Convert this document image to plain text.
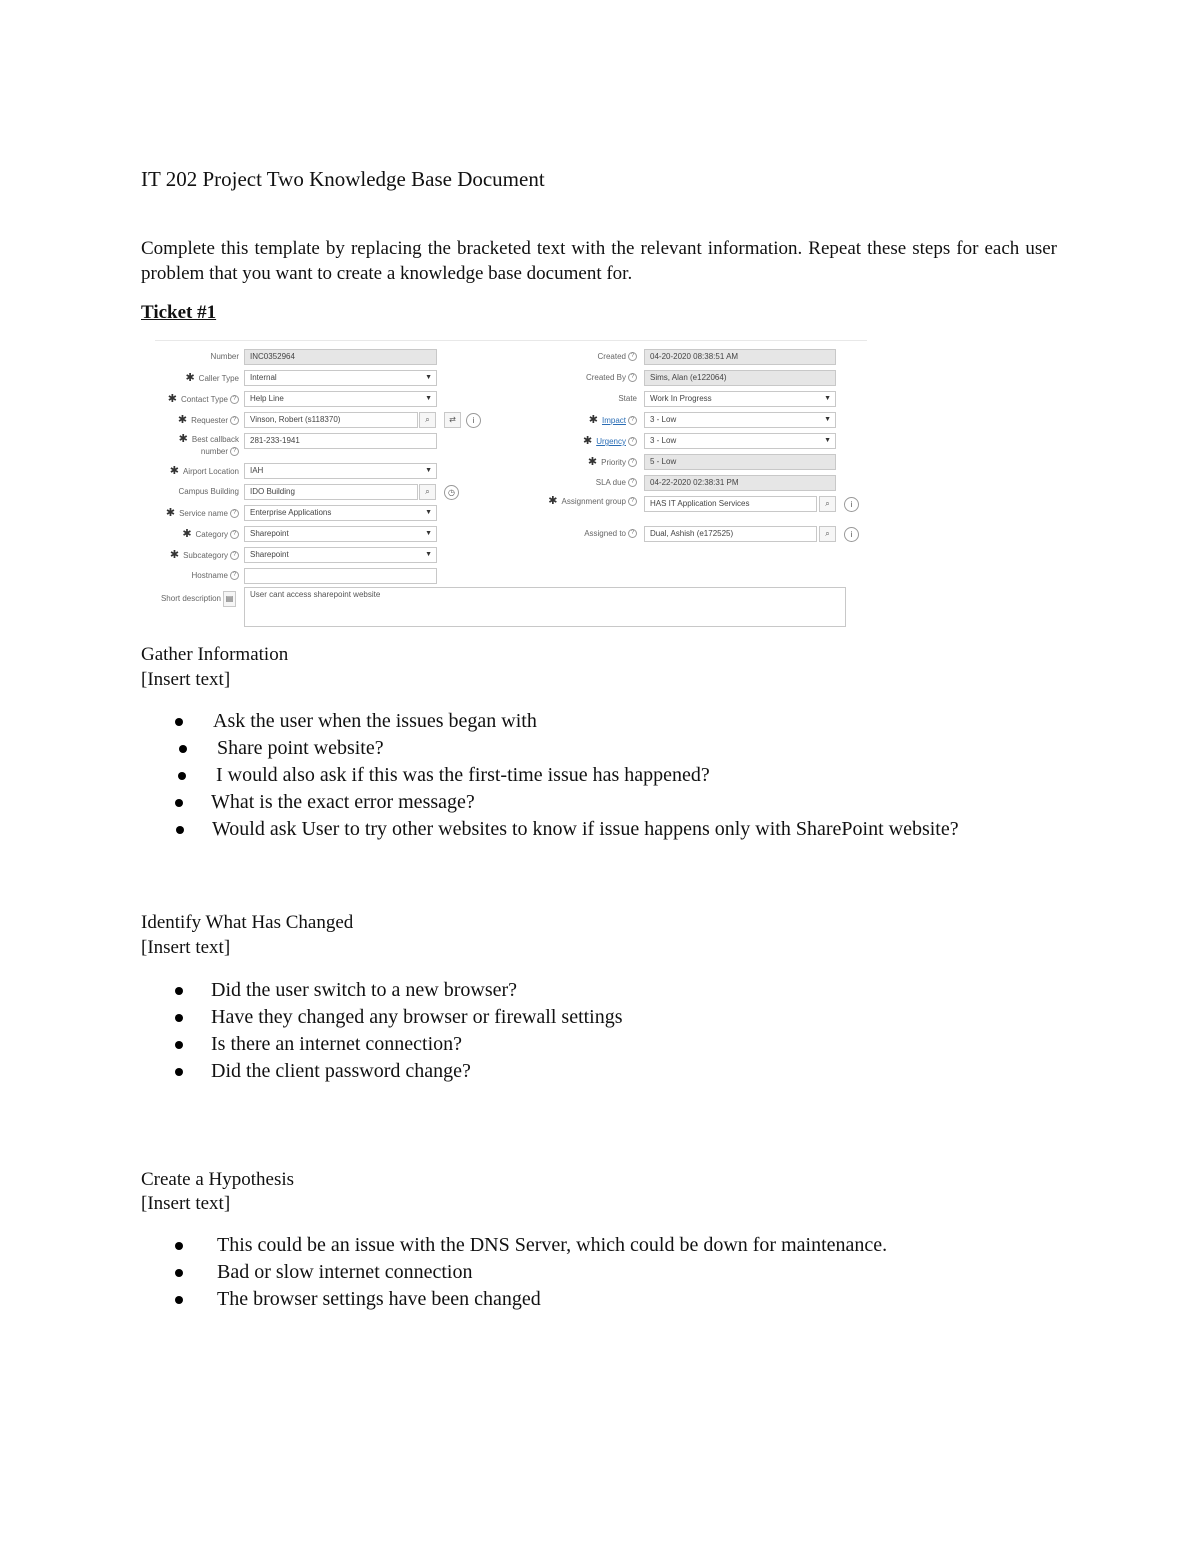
IT 202 Project Two Knowledge Base Document
Complete this template by replacing the bracketed text with the relevant information. Repeat these steps for each user problem that you want to create a knowledge base document for.
Ticket #1
Number	INC0352964
✱ Caller Type	Internal	▼
✱ Contact Type ?	Help Line	▼
✱ Requester ?	Vinson, Robert (s118370)	⌕	⇄	i
✱ Best callback number ?
281-233-1941
✱ Airport Location	IAH	▼
Campus Building	IDO Building	⌕	◷
✱ Service name ?	Enterprise Applications	▼
✱ Category ?	Sharepoint	▼
✱ Subcategory ?	Sharepoint	▼
Hostname ?
Short description ▤	User cant access sharepoint website
Created ?	04-20-2020 08:38:51 AM
Created By ?	Sims, Alan (e122064)
State	Work In Progress	▼
✱ Impact ?	3 - Low	▼
✱ Urgency ?	3 - Low	▼
✱ Priority ?	5 - Low
SLA due ?	04-22-2020 02:38:31 PM
✱ Assignment group ?	HAS IT Application Services	⌕	i
Assigned to ?	Dual, Ashish (e172525)	⌕	i
Gather Information
[Insert text]
Ask the user when the issues began with
Share point website?
I would also ask if this was the first-time issue has happened?
What is the exact error message?
Would ask User to try other websites to know if issue happens only with SharePoint website?
Identify What Has Changed
[Insert text]
Did the user switch to a new browser?
Have they changed any browser or firewall settings
Is there an internet connection?
Did the client password change?
Create a Hypothesis
[Insert text]
This could be an issue with the DNS Server, which could be down for maintenance.
Bad or slow internet connection
The browser settings have been changed
